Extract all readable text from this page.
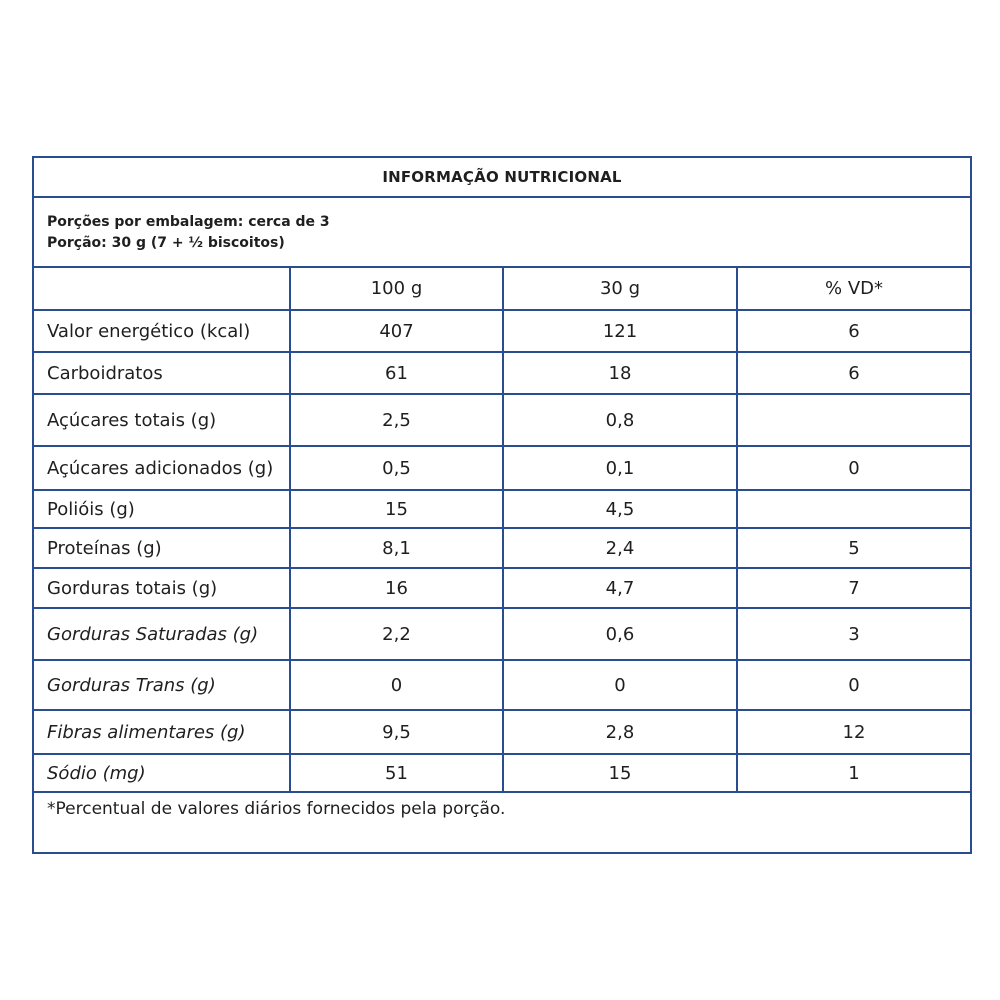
INFORMAÇÃO NUTRICIONAL
Porções por embalagem: cerca de 3
Porção: 30 g (7 + ½ biscoitos)
	100 g	30 g	% VD*
Valor energético (kcal)	407	121	6
Carboidratos	61	18	6
Açúcares totais (g)	2,5	0,8	
Açúcares adicionados (g)	0,5	0,1	0
Polióis (g)	15	4,5	
Proteínas (g)	8,1	2,4	5
Gorduras totais (g)	16	4,7	7
Gorduras Saturadas (g)	2,2	0,6	3
Gorduras Trans (g)	0	0	0
Fibras alimentares (g)	9,5	2,8	12
Sódio (mg)	51	15	1
*Percentual de valores diários fornecidos pela porção.
